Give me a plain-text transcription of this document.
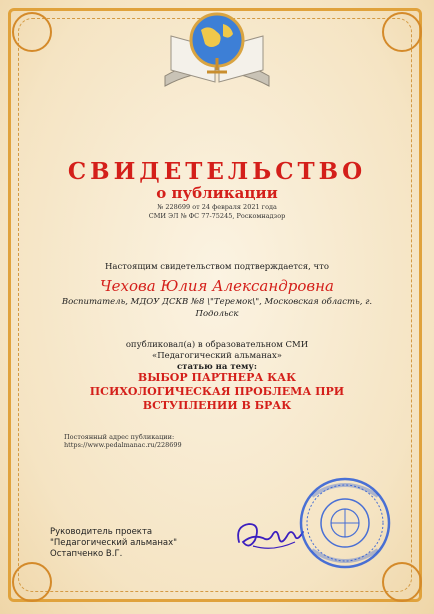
СВИДЕТЕЛЬСТВО
о публикации
№ 228699 от 24 февраля 2021 года
СМИ ЭЛ № ФС 77-75245, Роскомнадзор
Настоящим свидетельством подтверждается, что
Чехова Юлия Александровна
Воспитатель, МДОУ ДСКВ №8 \"Теремок\", Московская область, г. Подольск
опубликовал(а) в образовательном СМИ
«Педагогический альманах»
статью на тему:
ВЫБОР ПАРТНЕРА КАК ПСИХОЛОГИЧЕСКАЯ ПРОБЛЕМА ПРИ ВСТУПЛЕНИИ В БРАК
Постоянный адрес публикации:
https://www.pedalmanac.ru/228699
Руководитель проекта
"Педагогический альманах"
Остапченко В.Г.
